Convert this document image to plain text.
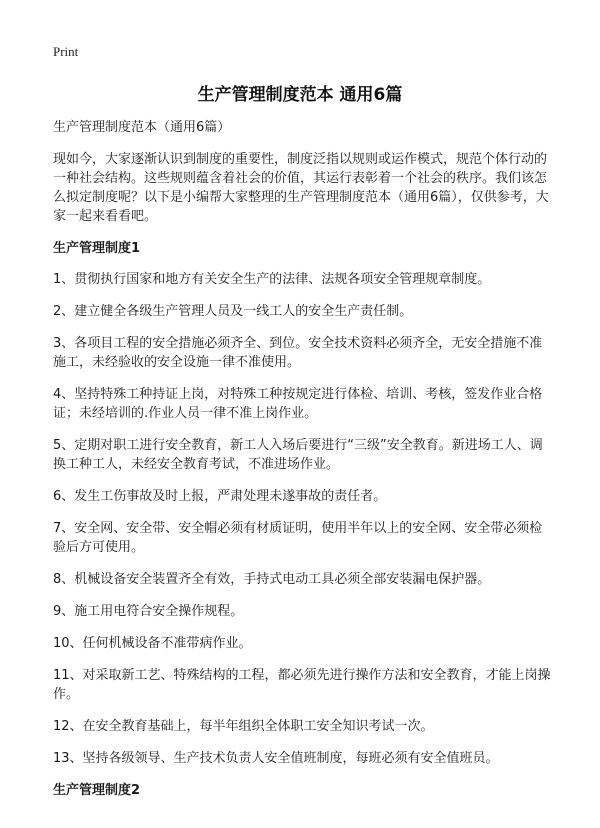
Print
生产管理制度范本 通用6篇

生产管理制度范本（通用6篇）

现如今，大家逐渐认识到制度的重要性，制度泛指以规则或运作模式，规范个体行动的一种社会结构。这些规则蕴含着社会的价值，其运行表彰着一个社会的秩序。我们该怎么拟定制度呢？以下是小编帮大家整理的生产管理制度范本（通用6篇），仅供参考，大家一起来看看吧。

生产管理制度1

1、贯彻执行国家和地方有关安全生产的法律、法规各项安全管理规章制度。

2、建立健全各级生产管理人员及一线工人的安全生产责任制。

3、各项目工程的安全措施必须齐全、到位。安全技术资料必须齐全，无安全措施不准施工，未经验收的安全设施一律不准使用。

4、坚持特殊工种持证上岗，对特殊工种按规定进行体检、培训、考核，签发作业合格证；未经培训的.作业人员一律不准上岗作业。

5、定期对职工进行安全教育，新工人入场后要进行“三级”安全教育。新进场工人、调换工种工人，未经安全教育考试，不准进场作业。

6、发生工伤事故及时上报，严肃处理未遂事故的责任者。

7、安全网、安全带、安全帽必须有材质证明，使用半年以上的安全网、安全带必须检验后方可使用。

8、机械设备安全装置齐全有效，手持式电动工具必须全部安装漏电保护器。

9、施工用电符合安全操作规程。

10、任何机械设备不准带病作业。

11、对采取新工艺、特殊结构的工程，都必须先进行操作方法和安全教育，才能上岗操作。

12、在安全教育基础上，每半年组织全体职工安全知识考试一次。

13、坚持各级领导、生产技术负责人安全值班制度，每班必须有安全值班员。

生产管理制度2
